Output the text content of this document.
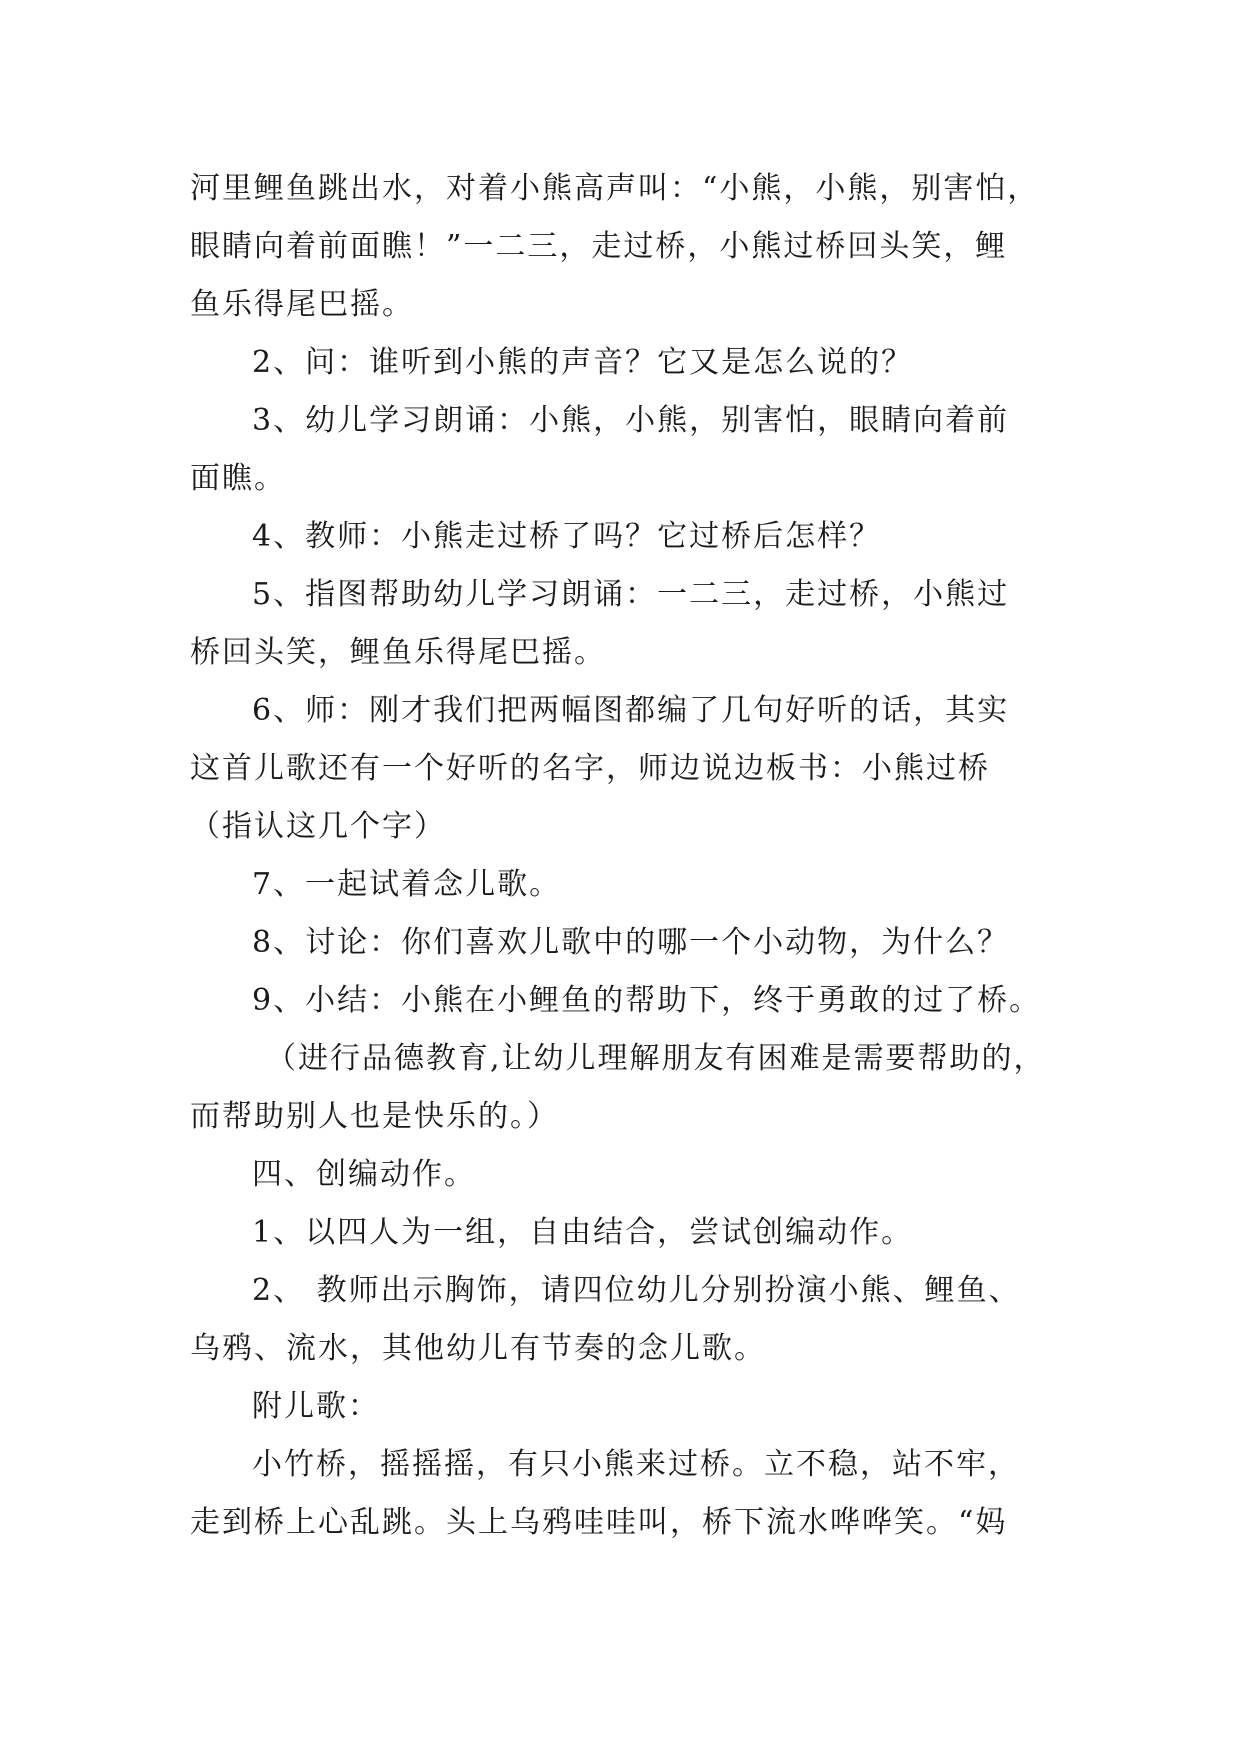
河里鲤鱼跳出水，对着小熊高声叫：“小熊，小熊，别害怕，
眼睛向着前面瞧！”一二三，走过桥，小熊过桥回头笑，鲤
鱼乐得尾巴摇。
2、问：谁听到小熊的声音？它又是怎么说的？
3、幼儿学习朗诵：小熊，小熊，别害怕，眼睛向着前
面瞧。
4、教师：小熊走过桥了吗？它过桥后怎样？
5、指图帮助幼儿学习朗诵：一二三，走过桥，小熊过
桥回头笑，鲤鱼乐得尾巴摇。
6、师：刚才我们把两幅图都编了几句好听的话，其实
这首儿歌还有一个好听的名字，师边说边板书：小熊过桥
（指认这几个字）
7、一起试着念儿歌。
8、讨论：你们喜欢儿歌中的哪一个小动物，为什么？
9、小结：小熊在小鲤鱼的帮助下，终于勇敢的过了桥。
（进行品德教育,让幼儿理解朋友有困难是需要帮助的，
而帮助别人也是快乐的。）
四、创编动作。
1、以四人为一组，自由结合，尝试创编动作。
2、 教师出示胸饰，请四位幼儿分别扮演小熊、鲤鱼、
乌鸦、流水，其他幼儿有节奏的念儿歌。
附儿歌：
小竹桥，摇摇摇，有只小熊来过桥。立不稳，站不牢，
走到桥上心乱跳。头上乌鸦哇哇叫，桥下流水哗哗笑。“妈
